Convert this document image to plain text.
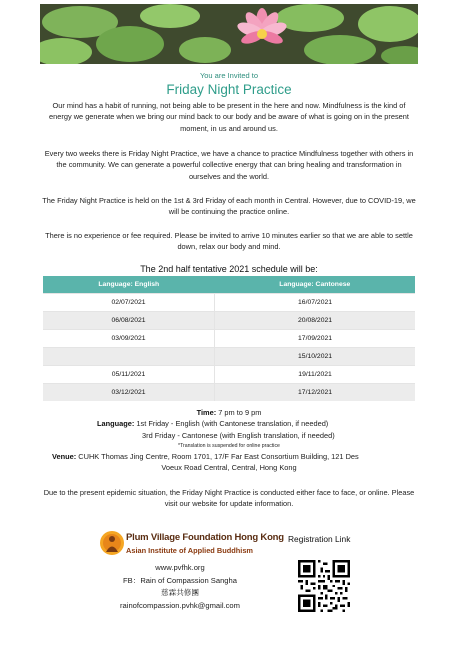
You are Invited to
Friday Night Practice

Our mind has a habit of running, not being able to be present in the here and now. Mindfulness is the kind of energy we generate when we bring our mind back to our body and be aware of what is going on in the present moment, in us and around us.

Every two weeks there is Friday Night Practice, we have a chance to practice Mindfulness together with others in the community. We can generate a powerful collective energy that can bring healing and transformation in ourselves and the world.

The Friday Night Practice is held on the 1st & 3rd Friday of each month in Central. However, due to COVID-19, we will be continuing the practice online.

There is no experience or fee required. Please be invited to arrive 10 minutes earlier so that we are able to settle down, relax our body and mind.

The 2nd half tentative 2021 schedule will be:
Language: English	Language: Cantonese
02/07/2021	16/07/2021
06/08/2021	20/08/2021
03/09/2021	17/09/2021
	15/10/2021
05/11/2021	19/11/2021
03/12/2021	17/12/2021
Time: 7 pm to 9 pm
Language: 1st Friday - English (with Cantonese translation, if needed)
3rd Friday - Cantonese (with English translation, if needed)
*Translation is suspended for online practice
Venue: CUHK Thomas Jing Centre, Room 1701, 17/F Far East Consortium Building, 121 Des
Voeux Road Central, Central, Hong Kong

Due to the present epidemic situation, the Friday Night Practice is conducted either face to face, or online. Please visit our website for update information.

Plum Village Foundation Hong Kong
Asian Institute of Applied Buddhism
www.pvfhk.org
FB：Rain of Compassion Sangha
慈霖共修團
rainofcompassion.pvhk@gmail.com
Registration Link
